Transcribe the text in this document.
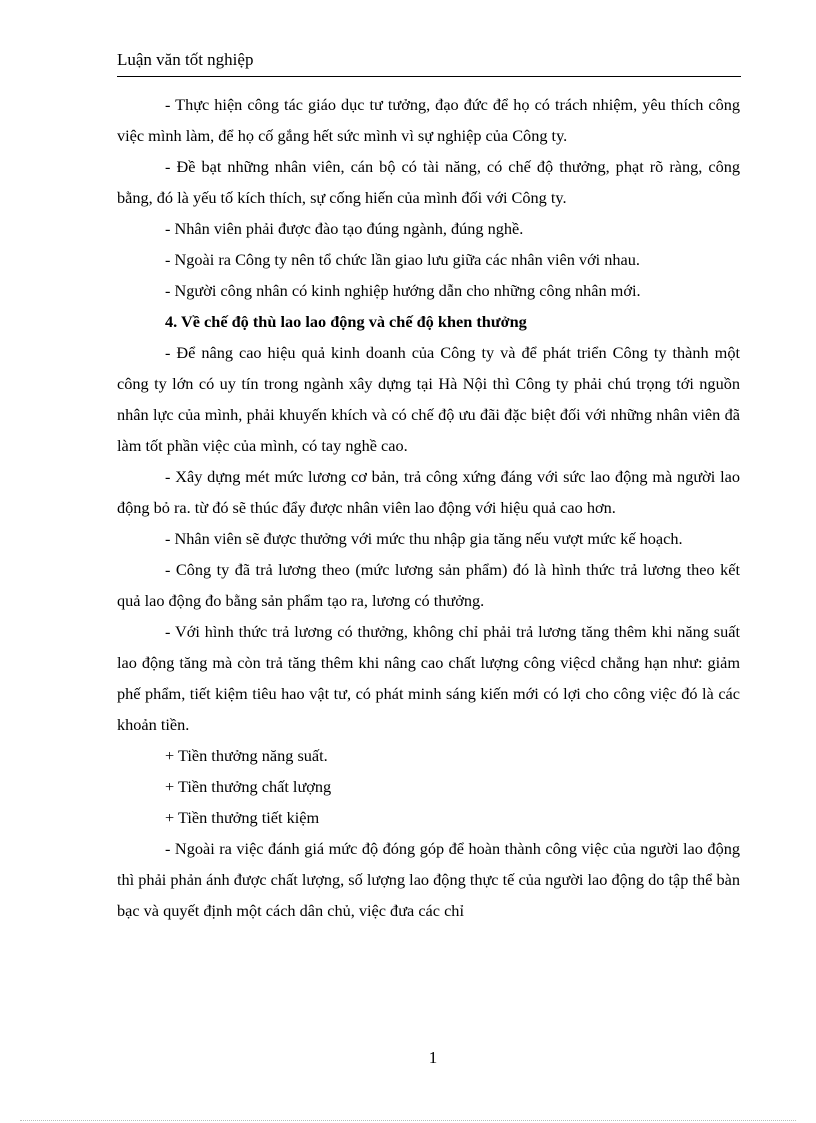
Luận văn tốt nghiệp

- Thực hiện công tác giáo dục tư tưởng, đạo đức để họ có trách nhiệm, yêu thích công việc mình làm, để họ cố gắng hết sức mình vì sự nghiệp của Công ty.

- Đề bạt những nhân viên, cán bộ có tài năng, có chế độ thưởng, phạt rõ ràng, công bằng, đó là yếu tố kích thích, sự cống hiến của mình đối với Công ty.

- Nhân viên phải được đào tạo đúng ngành, đúng nghề.

- Ngoài ra Công ty nên tổ chức lần giao lưu giữa các nhân viên với nhau.

- Người công nhân có kinh nghiệp hướng dẫn cho những công nhân mới.

4. Về chế độ thù lao lao động và chế độ khen thưởng

- Để nâng cao hiệu quả kinh doanh của Công ty và để phát triển Công ty thành một công ty lớn có uy tín trong ngành xây dựng tại Hà Nội thì Công ty phải chú trọng tới nguồn nhân lực của mình, phải khuyến khích và có chế độ ưu đãi đặc biệt đối với những nhân viên đã làm tốt phần việc của mình, có tay nghề cao.

- Xây dựng mét mức lương cơ bản, trả công xứng đáng với sức lao động mà người lao động bỏ ra. từ đó sẽ thúc đẩy được nhân viên lao động với hiệu quả cao hơn.

- Nhân viên sẽ được thưởng với mức thu nhập gia tăng nếu vượt mức kế hoạch.

- Công ty đã trả lương theo (mức lương sản phẩm) đó là hình thức trả lương theo kết quả lao động đo bằng sản phẩm tạo ra, lương có thưởng.

- Với hình thức trả lương có thưởng, không chỉ phải trả lương tăng thêm khi năng suất lao động tăng mà còn trả tăng thêm khi nâng cao chất lượng công việcd chẳng hạn như: giảm phế phẩm, tiết kiệm tiêu hao vật tư, có phát minh sáng kiến mới có lợi cho công việc đó là các khoản tiền.

+ Tiền thưởng năng suất.

+ Tiền thưởng chất lượng

+ Tiền thưởng tiết kiệm

- Ngoài ra việc đánh giá mức độ đóng góp để hoàn thành công việc của người lao động thì phải phản ánh được chất lượng, số lượng lao động thực tế của người lao động do tập thể bàn bạc và quyết định một cách dân chủ, việc đưa các chỉ

1
